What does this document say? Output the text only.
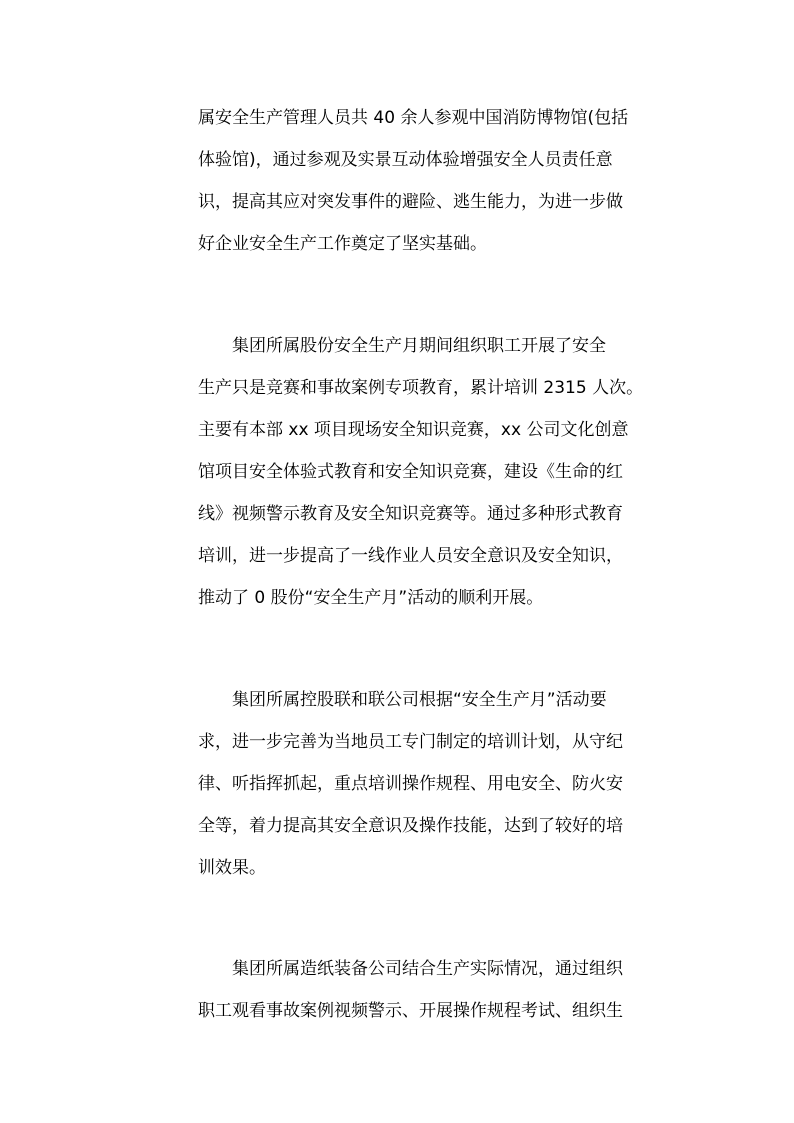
属安全生产管理人员共 40 余人参观中国消防博物馆(包括
体验馆)，通过参观及实景互动体验增强安全人员责任意
识，提高其应对突发事件的避险、逃生能力，为进一步做
好企业安全生产工作奠定了坚实基础。
集团所属股份安全生产月期间组织职工开展了安全
生产只是竞赛和事故案例专项教育，累计培训 2315 人次。
主要有本部 xx 项目现场安全知识竞赛，xx 公司文化创意
馆项目安全体验式教育和安全知识竞赛，建设《生命的红
线》视频警示教育及安全知识竞赛等。通过多种形式教育
培训，进一步提高了一线作业人员安全意识及安全知识，
推动了 0 股份“安全生产月”活动的顺利开展。
集团所属控股联和联公司根据“安全生产月”活动要
求，进一步完善为当地员工专门制定的培训计划，从守纪
律、听指挥抓起，重点培训操作规程、用电安全、防火安
全等，着力提高其安全意识及操作技能，达到了较好的培
训效果。
集团所属造纸装备公司结合生产实际情况，通过组织
职工观看事故案例视频警示、开展操作规程考试、组织生
